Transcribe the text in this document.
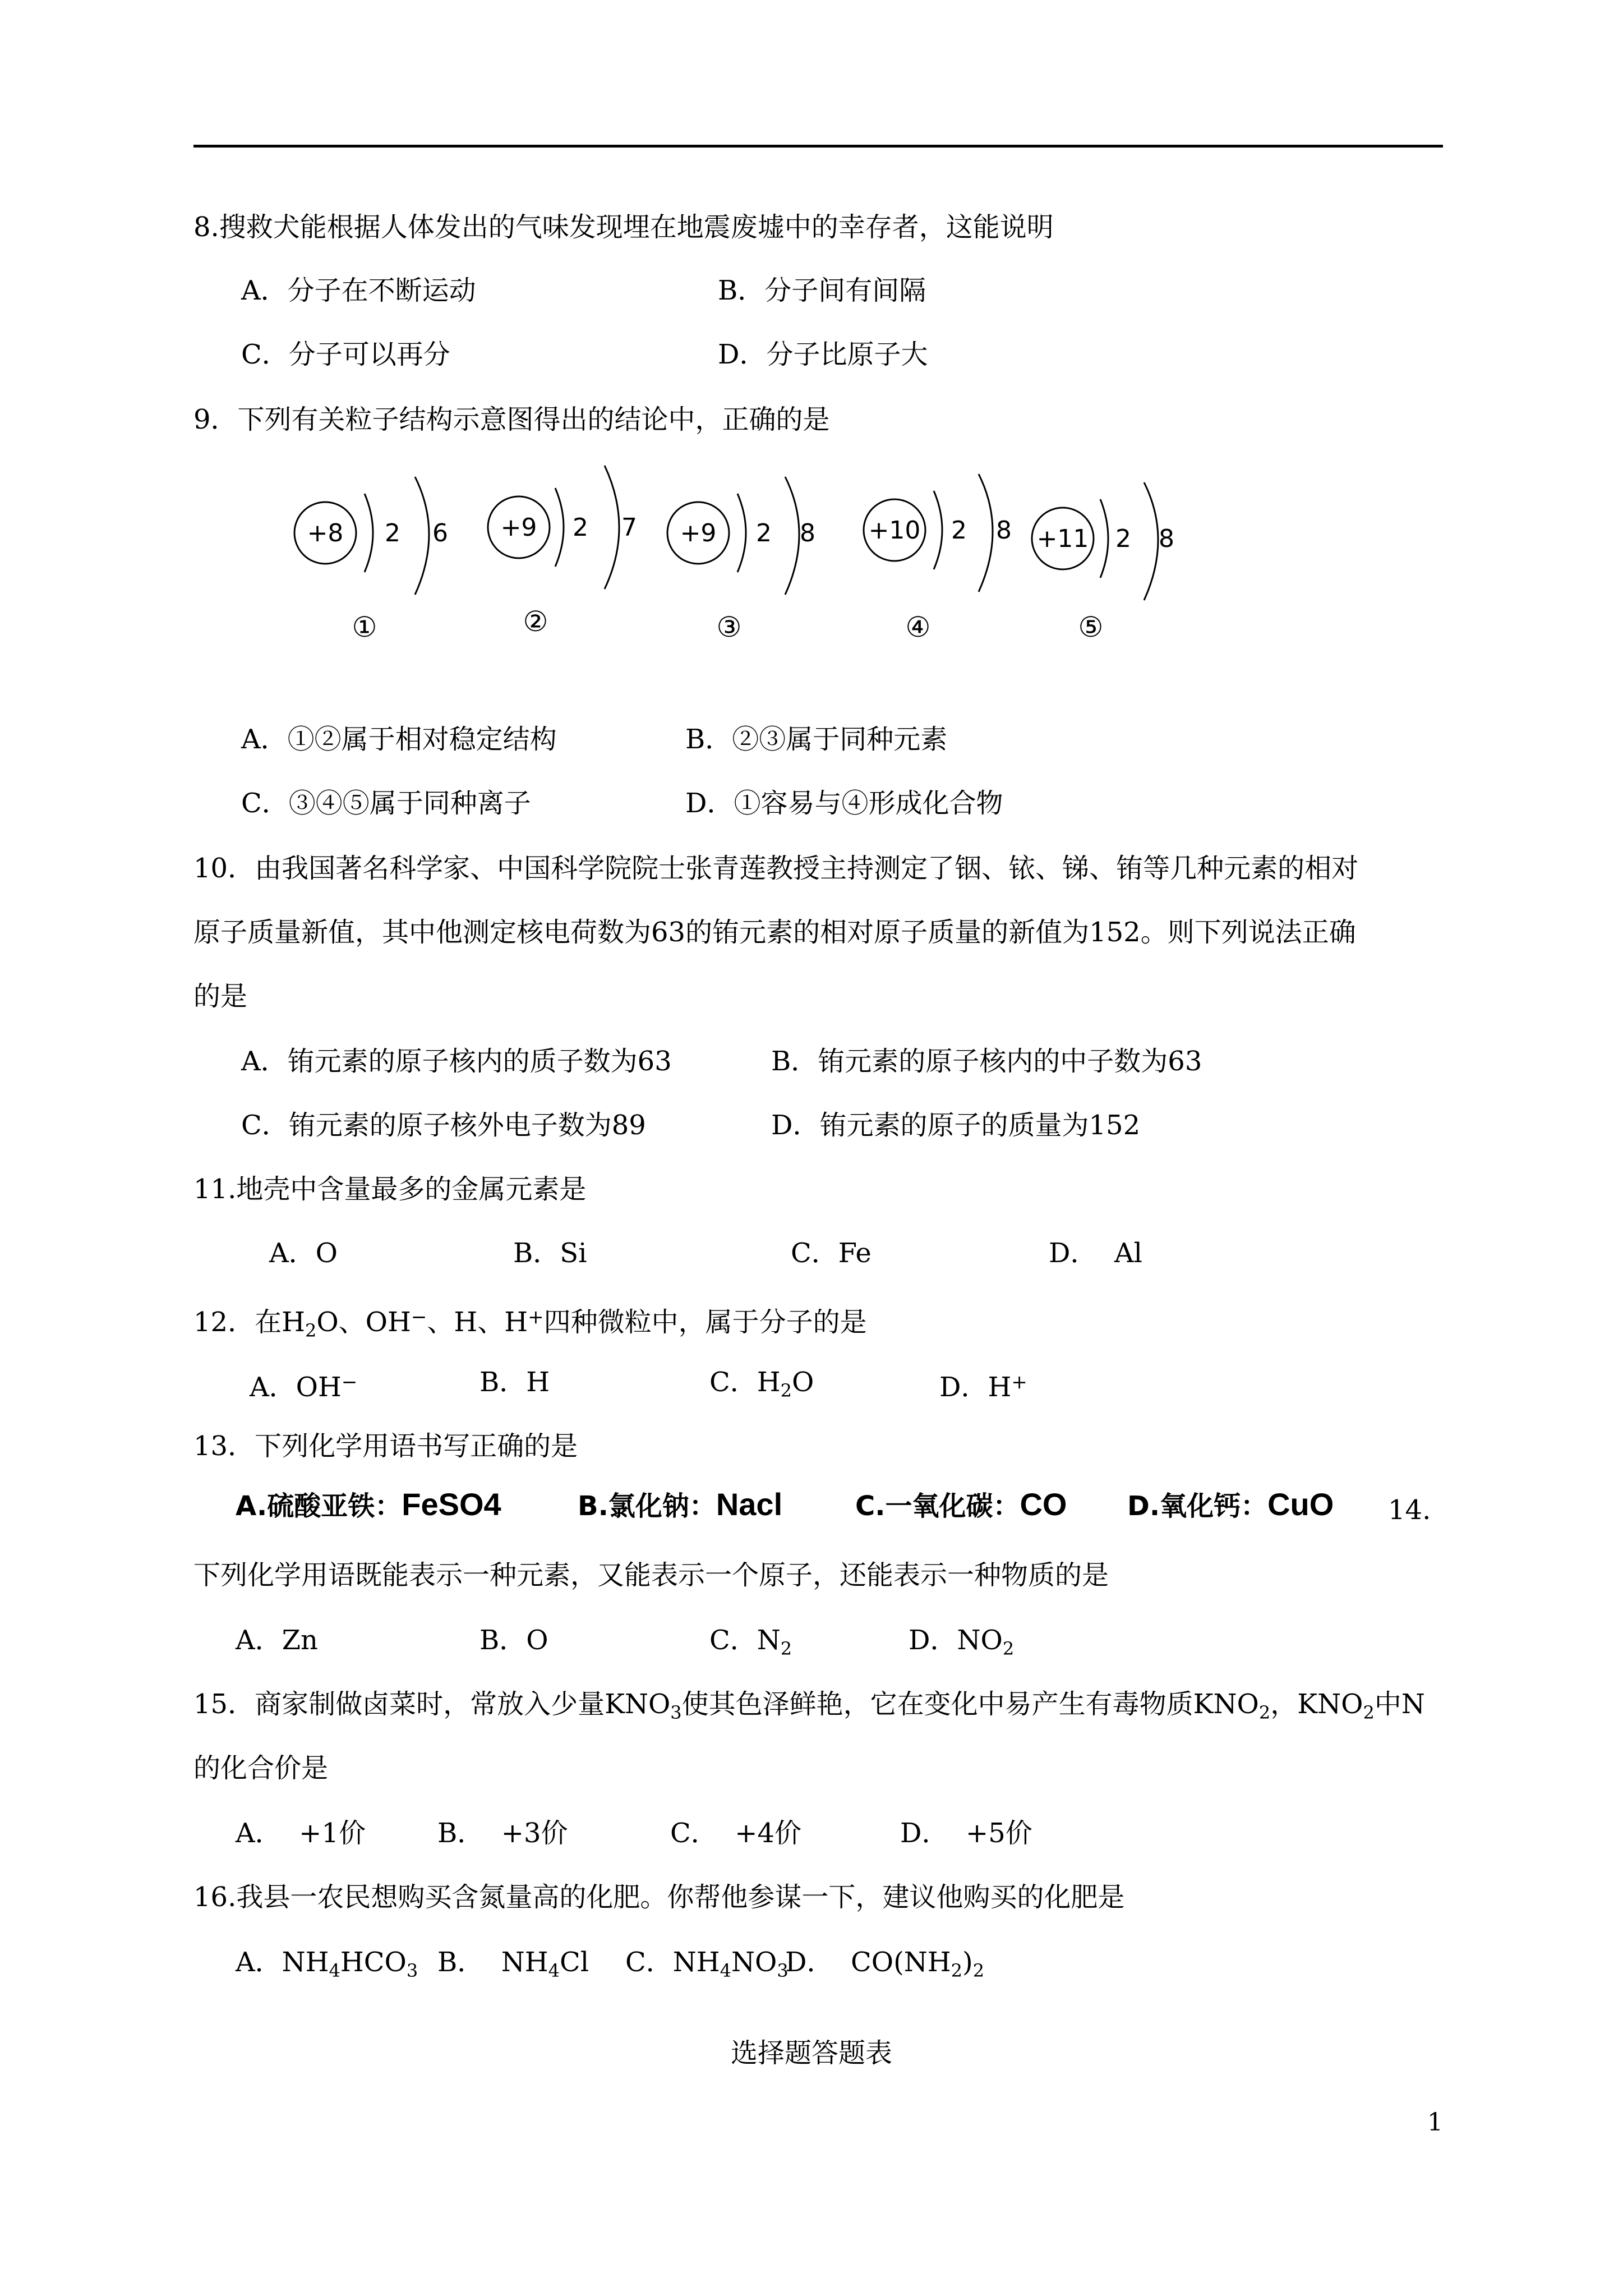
8.搜救犬能根据人体发出的气味发现埋在地震废墟中的幸存者，这能说明
A．分子在不断运动	B．分子间有间隔
C．分子可以再分	D．分子比原子大
9．下列有关粒子结构示意图得出的结论中，正确的是
+8 2 6
①
+9 2 7
②
+9 2 8
③
+10 2 8
④
+11 2 8
⑤
A．①②属于相对稳定结构	B．②③属于同种元素
C．③④⑤属于同种离子	D．①容易与④形成化合物
10．由我国著名科学家、中国科学院院士张青莲教授主持测定了铟、铱、锑、铕等几种元素的相对
原子质量新值，其中他测定核电荷数为63的铕元素的相对原子质量的新值为152。则下列说法正确
的是
A．铕元素的原子核内的质子数为63	B．铕元素的原子核内的中子数为63
C．铕元素的原子核外电子数为89	D．铕元素的原子的质量为152
11.地壳中含量最多的金属元素是
A．O	B．Si	C．Fe	D．  Al
12．在$H_2O$、OH−、H、H+四种微粒中，属于分子的是
A．OH−	B．H	C．$H_2O$	D．H+
13．下列化学用语书写正确的是
A.硫酸亚铁：FeSO4	B.氯化钠：Nacl	C.一氧化碳：CO D.氧化钙：CuO 14.
下列化学用语既能表示一种元素，又能表示一个原子，还能表示一种物质的是
A．Zn	B．O	C．$N_2$	D．$NO_2$
15．商家制做卤菜时，常放入少量$KNO_3$使其色泽鲜艳，它在变化中易产生有毒物质$KNO_2$，$KNO_2$中N
的化合价是
A．  +1价	B．  +3价	C．  +4价	D．  +5价
16.我县一农民想购买含氮量高的化肥。你帮他参谋一下，建议他购买的化肥是
A．$NH_4HCO_3$ B．  $NH_4Cl$ C．$NH_4NO_3$
D．  $CO(NH_2)_2$
选择题答题表
1
